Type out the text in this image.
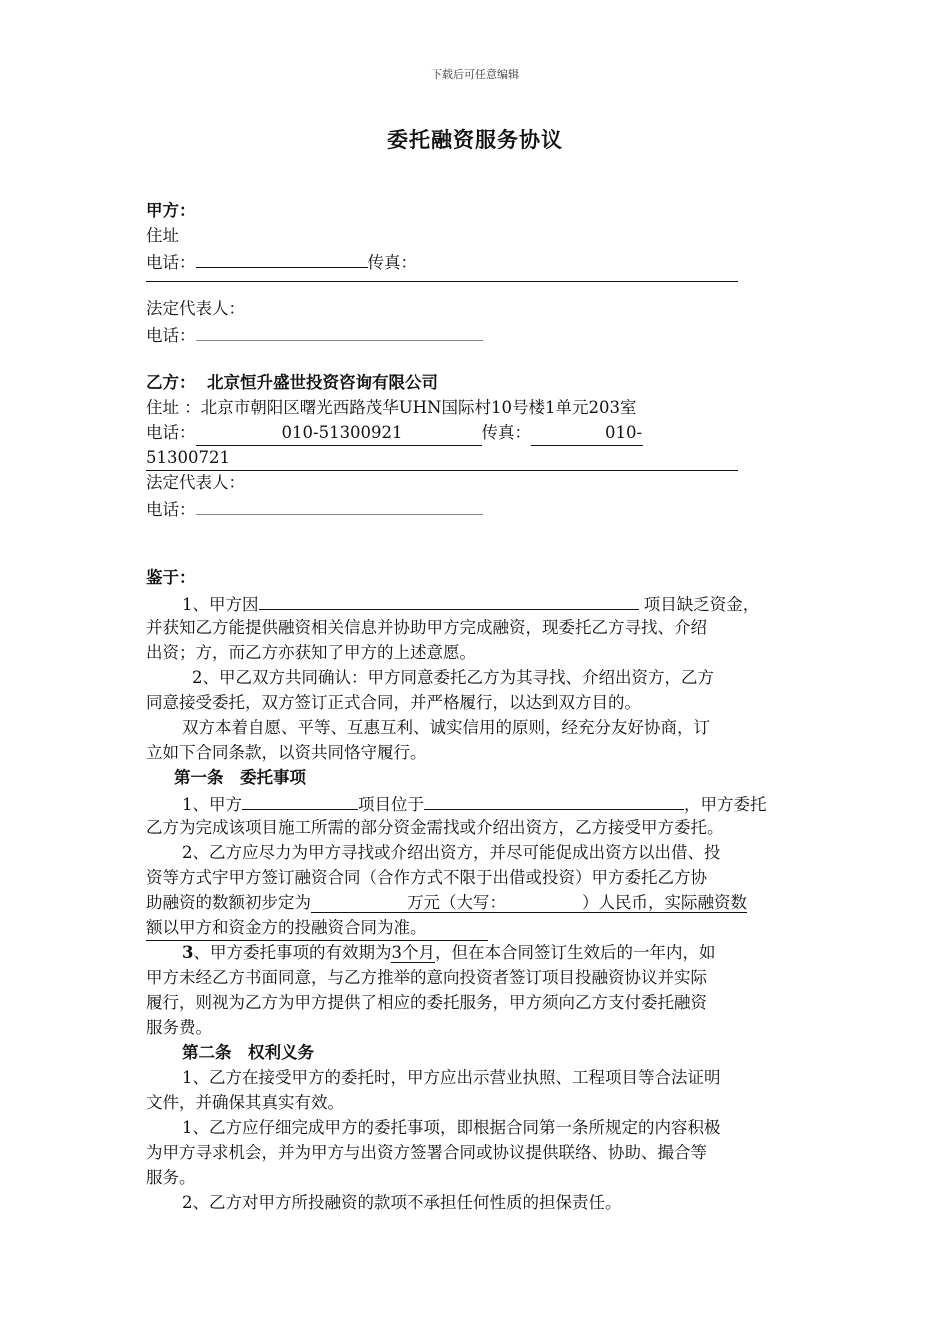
下载后可任意编辑
委托融资服务协议
甲方：
住址
电话：	传真：
法定代表人：
电话：
乙方： 北京恒升盛世投资咨询有限公司
住址 ：北京市朝阳区曙光西路茂华UHN国际村10号楼1单元203室
电话：	010-51300921	传真：	010-
51300721
法定代表人：
电话：
鉴于：
1、甲方因	项目缺乏资金，
并获知乙方能提供融资相关信息并协助甲方完成融资，现委托乙方寻找、介绍
出资；方，而乙方亦获知了甲方的上述意愿。
2、甲乙双方共同确认：甲方同意委托乙方为其寻找、介绍出资方，乙方
同意接受委托，双方签订正式合同，并严格履行，以达到双方目的。
双方本着自愿、平等、互惠互利、诚实信用的原则，经充分友好协商，订
立如下合同条款，以资共同恪守履行。
第一条　委托事项
1、甲方	项目位于	，甲方委托
乙方为完成该项目施工所需的部分资金需找或介绍出资方，乙方接受甲方委托。
2、乙方应尽力为甲方寻找或介绍出资方，并尽可能促成出资方以出借、投
资等方式宇甲方签订融资合同（合作方式不限于出借或投资）甲方委托乙方协
助融资的数额初步定为	万元（大写：	）人民币，实际融资数
额以甲方和资金方的投融资合同为准。
3、甲方委托事项的有效期为3个月，但在本合同签订生效后的一年内，如
甲方未经乙方书面同意，与乙方推举的意向投资者签订项目投融资协议并实际
履行，则视为乙方为甲方提供了相应的委托服务，甲方须向乙方支付委托融资
服务费。
第二条　权利义务
1、乙方在接受甲方的委托时，甲方应出示营业执照、工程项目等合法证明
文件，并确保其真实有效。
1、乙方应仔细完成甲方的委托事项，即根据合同第一条所规定的内容积极
为甲方寻求机会，并为甲方与出资方签署合同或协议提供联络、协助、撮合等
服务。
2、乙方对甲方所投融资的款项不承担任何性质的担保责任。
